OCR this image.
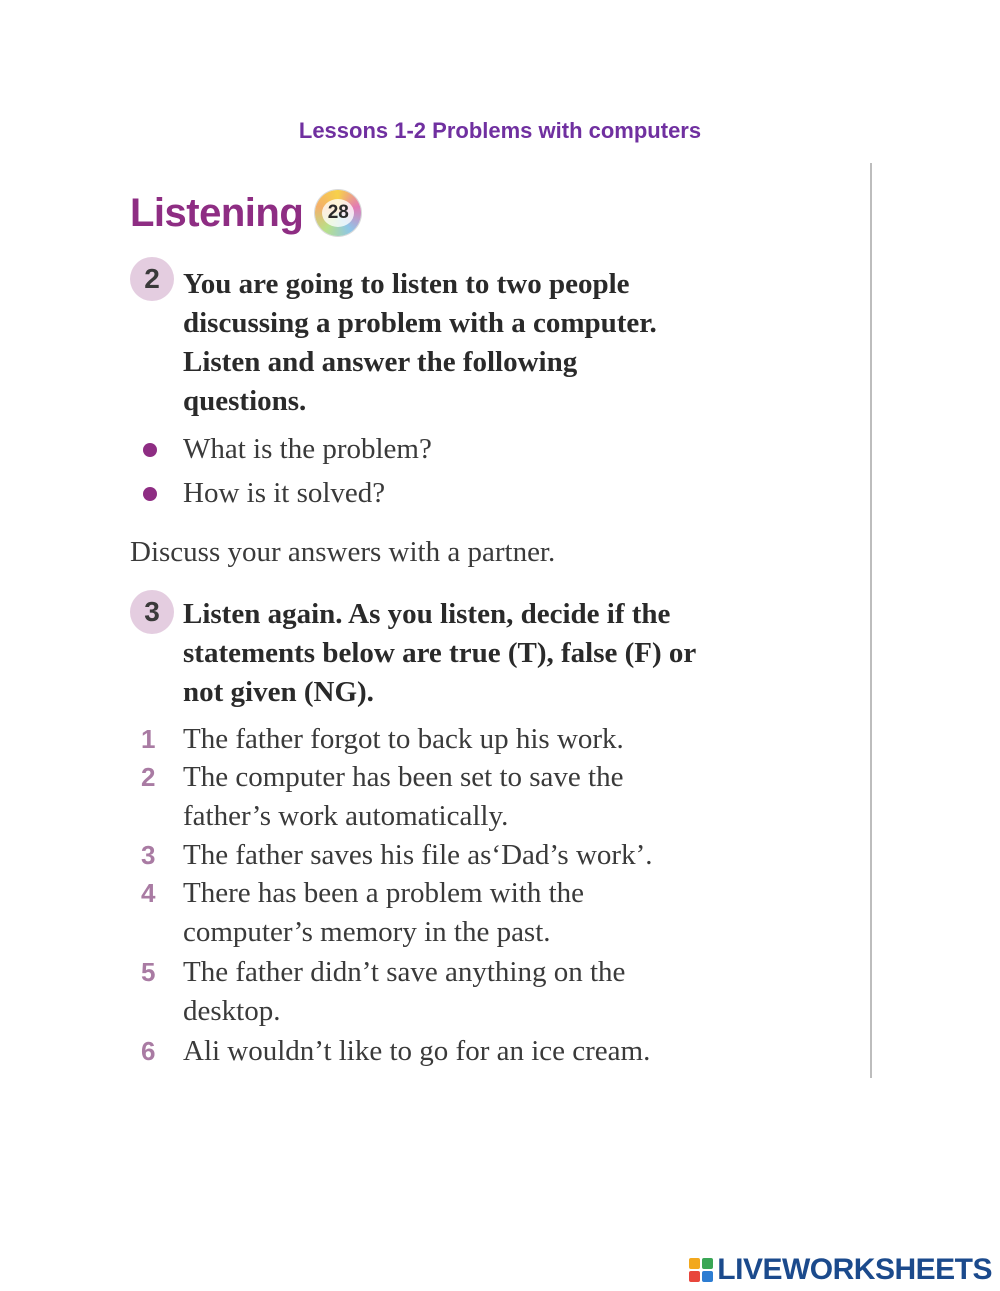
Lessons 1-2 Problems with computers
Listening 28
2 You are going to listen to two people
discussing a problem with a computer.
Listen and answer the following
questions.
What is the problem?
How is it solved?
Discuss your answers with a partner.
3 Listen again. As you listen, decide if the
statements below are true (T), false (F) or
not given (NG).
1 The father forgot to back up his work.
2 The computer has been set to save the
father’s work automatically.
3 The father saves his file as‘Dad’s work’.
4 There has been a problem with the
computer’s memory in the past.
5 The father didn’t save anything on the
desktop.
6 Ali wouldn’t like to go for an ice cream.
LIVEWORKSHEETS
